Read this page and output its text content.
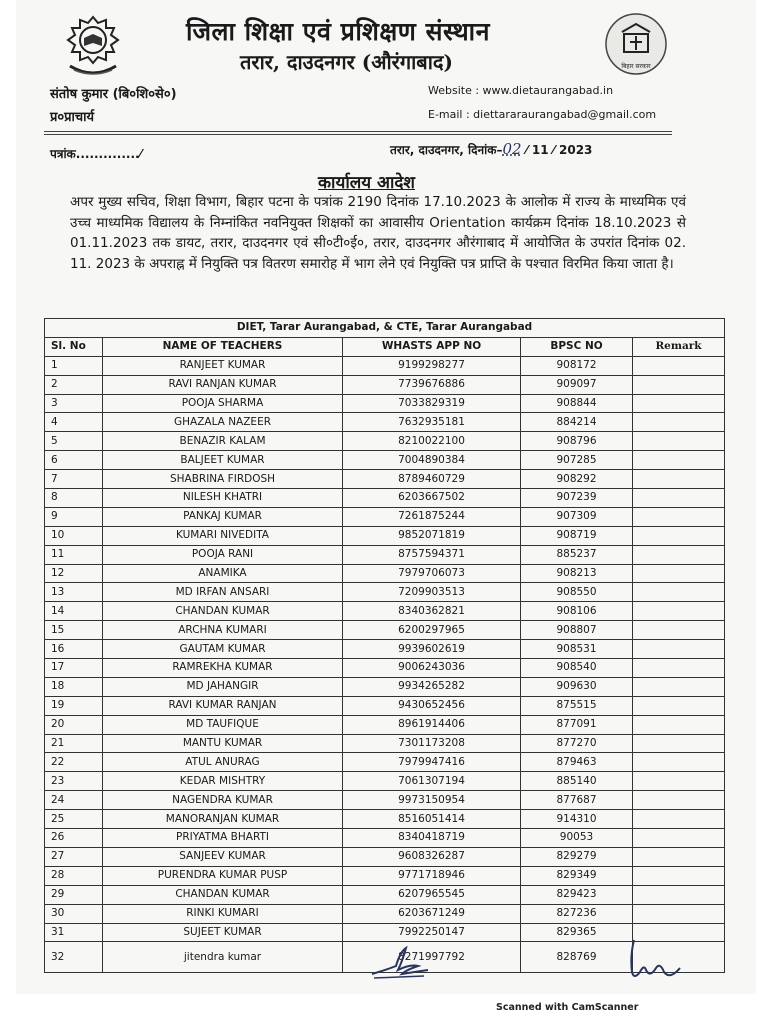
बिहार सरकार
जिला शिक्षा एवं प्रशिक्षण संस्थान
तरार, दाउदनगर (औरंगाबाद)
संतोष कुमार (बि०शि०से०)
प्र०प्राचार्य
Website : www.dietaurangabad.in
E-mail : diettararaurangabad@gmail.com
पत्रांक..............⁄	तरार, दाउदनगर, दिनांक–02 ⁄ 11 ⁄ 2023
कार्यालय आदेश
अपर मुख्य सचिव, शिक्षा विभाग, बिहार पटना के पत्रांक 2190 दिनांक 17.10.2023 के आलोक में राज्य के माध्यमिक एवं उच्च माध्यमिक विद्यालय के निम्नांकित नवनियुक्त शिक्षकों का आवासीय Orientation कार्यक्रम दिनांक 18.10.2023 से 01.11.2023 तक डायट, तरार, दाउदनगर एवं सी०टी०ई०, तरार, दाउदनगर औरंगाबाद में आयोजित के उपरांत दिनांक 02. 11. 2023 के अपराह्न में नियुक्ति पत्र वितरण समारोह में भाग लेने एवं नियुक्ति पत्र प्राप्ति के पश्चात विरमित किया जाता है।
DIET, Tarar Aurangabad, & CTE, Tarar Aurangabad				
Sl. No	NAME OF TEACHERS	WHASTS APP NO	BPSC NO	Remark
1	RANJEET KUMAR	9199298277	908172	
2	RAVI RANJAN KUMAR	7739676886	909097	
3	POOJA SHARMA	7033829319	908844	
4	GHAZALA NAZEER	7632935181	884214	
5	BENAZIR KALAM	8210022100	908796	
6	BALJEET KUMAR	7004890384	907285	
7	SHABRINA FIRDOSH	8789460729	908292	
8	NILESH KHATRI	6203667502	907239	
9	PANKAJ KUMAR	7261875244	907309	
10	KUMARI NIVEDITA	9852071819	908719	
11	POOJA RANI	8757594371	885237	
12	ANAMIKA	7979706073	908213	
13	MD IRFAN ANSARI	7209903513	908550	
14	CHANDAN KUMAR	8340362821	908106	
15	ARCHNA KUMARI	6200297965	908807	
16	GAUTAM KUMAR	9939602619	908531	
17	RAMREKHA KUMAR	9006243036	908540	
18	MD JAHANGIR	9934265282	909630	
19	RAVI KUMAR RANJAN	9430652456	875515	
20	MD TAUFIQUE	8961914406	877091	
21	MANTU KUMAR	7301173208	877270	
22	ATUL ANURAG	7979947416	879463	
23	KEDAR MISHTRY	7061307194	885140	
24	NAGENDRA KUMAR	9973150954	877687	
25	MANORANJAN KUMAR	8516051414	914310	
26	PRIYATMA BHARTI	8340418719	90053	
27	SANJEEV KUMAR	9608326287	829279	
28	PURENDRA KUMAR PUSP	9771718946	829349	
29	CHANDAN KUMAR	6207965545	829423	
30	RINKI KUMARI	6203671249	827236	
31	SUJEET KUMAR	7992250147	829365	
32	jitendra kumar	8271997792	828769	
Scanned with CamScanner
